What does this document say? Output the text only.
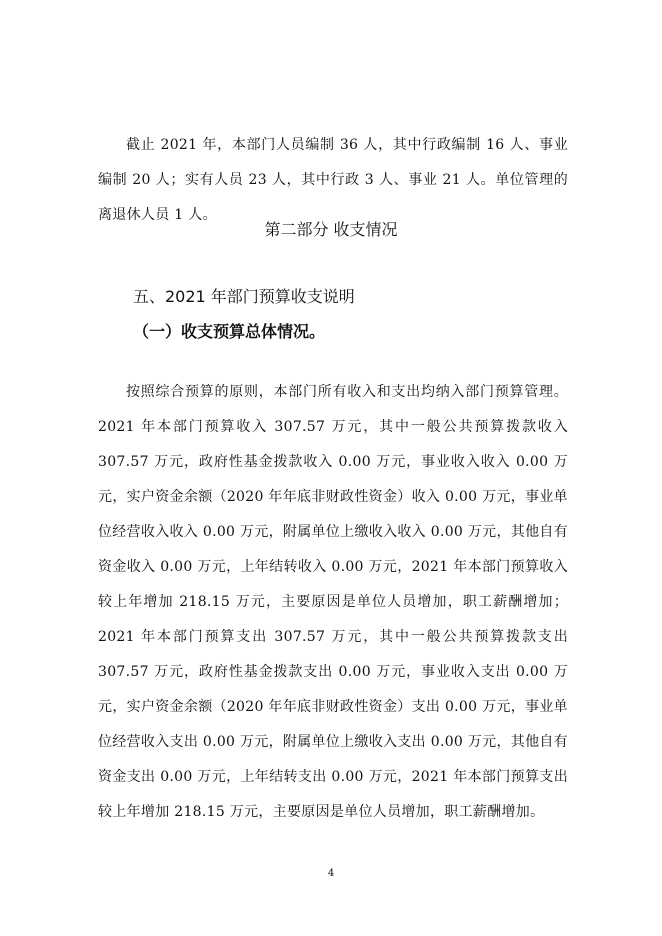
截止 2021 年，本部门人员编制 36 人，其中行政编制 16 人、事业编制 20 人；实有人员 23 人，其中行政 3 人、事业 21 人。单位管理的离退休人员 1 人。

第二部分 收支情况
五、2021 年部门预算收支说明
（一）收支预算总体情况。

按照综合预算的原则，本部门所有收入和支出均纳入部门预算管理。2021 年本部门预算收入 307.57 万元，其中一般公共预算拨款收入 307.57 万元，政府性基金拨款收入 0.00 万元，事业收入收入 0.00 万元，实户资金余额（2020 年年底非财政性资金）收入 0.00 万元，事业单位经营收入收入 0.00 万元，附属单位上缴收入收入 0.00 万元，其他自有资金收入 0.00 万元，上年结转收入 0.00 万元，2021 年本部门预算收入较上年增加 218.15 万元，主要原因是单位人员增加，职工薪酬增加；2021 年本部门预算支出 307.57 万元，其中一般公共预算拨款支出 307.57 万元，政府性基金拨款支出 0.00 万元，事业收入支出 0.00 万元，实户资金余额（2020 年年底非财政性资金）支出 0.00 万元，事业单位经营收入支出 0.00 万元，附属单位上缴收入支出 0.00 万元，其他自有资金支出 0.00 万元，上年结转支出 0.00 万元，2021 年本部门预算支出较上年增加 218.15 万元，主要原因是单位人员增加，职工薪酬增加。

4
